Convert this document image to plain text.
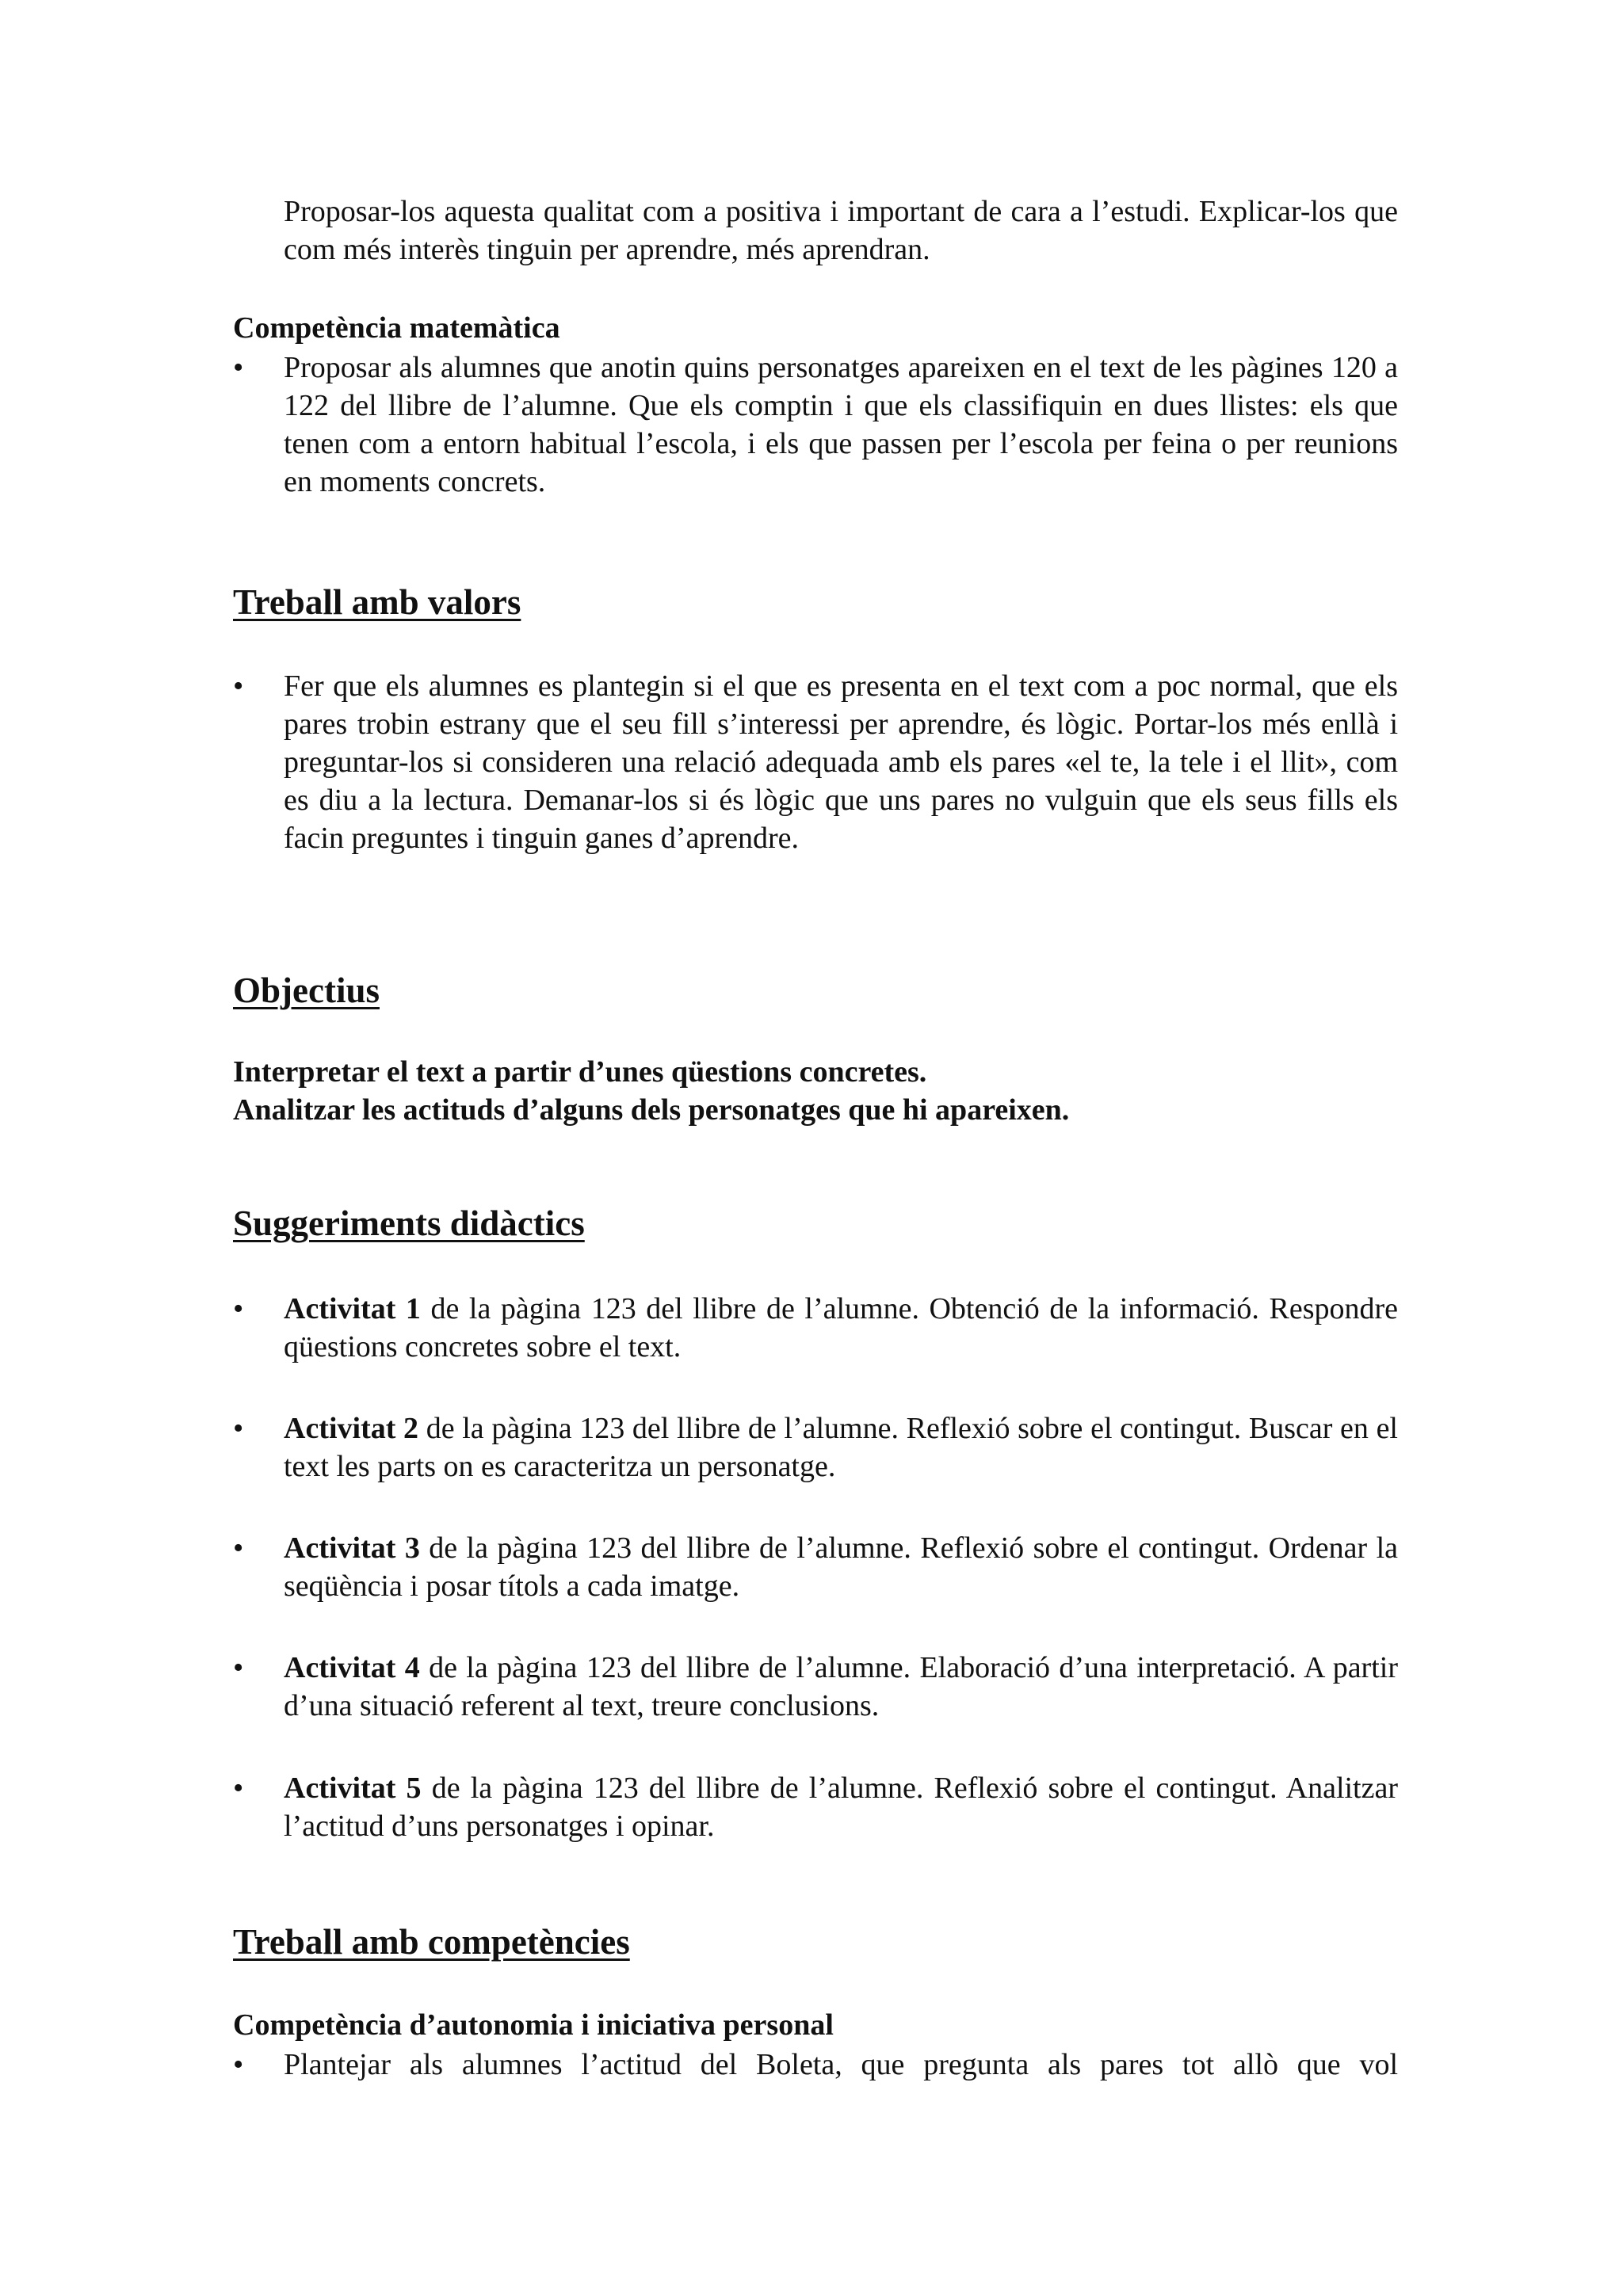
Proposar-los aquesta qualitat com a positiva i important de cara a l’estudi. Explicar-los que com més interès tinguin per aprendre, més aprendran.

Competència matemàtica

•	Proposar als alumnes que anotin quins personatges apareixen en el text de les pàgines 120 a 122 del llibre de l’alumne. Que els comptin i que els classifiquin en dues llistes: els que tenen com a entorn habitual l’escola, i els que passen per l’escola per feina o per reunions en moments concrets.

Treball amb valors

•	Fer que els alumnes es plantegin si el que es presenta en el text com a poc normal, que els pares trobin estrany que el seu fill s’interessi per aprendre, és lògic. Portar-los més enllà i preguntar-los si consideren una relació adequada amb els pares «el te, la tele i el llit», com es diu a la lectura. Demanar-los si és lògic que uns pares no vulguin que els seus fills els facin preguntes i tinguin ganes d’aprendre.

Objectius

Interpretar el text a partir d’unes qüestions concretes.

Analitzar les actituds d’alguns dels personatges que hi apareixen.

Suggeriments didàctics

•	Activitat 1 de la pàgina 123 del llibre de l’alumne. Obtenció de la informació. Respondre qüestions concretes sobre el text.

•	Activitat 2 de la pàgina 123 del llibre de l’alumne. Reflexió sobre el contingut. Buscar en el text les parts on es caracteritza un personatge.

•	Activitat 3 de la pàgina 123 del llibre de l’alumne. Reflexió sobre el contingut. Ordenar la seqüència i posar títols a cada imatge.

•	Activitat 4 de la pàgina 123 del llibre de l’alumne. Elaboració d’una interpretació. A partir d’una situació referent al text, treure conclusions.

•	Activitat 5 de la pàgina 123 del llibre de l’alumne. Reflexió sobre el contingut. Analitzar l’actitud d’uns personatges i opinar.

Treball amb competències

Competència d’autonomia i iniciativa personal

•	Plantejar als alumnes l’actitud del Boleta, que pregunta als pares tot allò que vol
